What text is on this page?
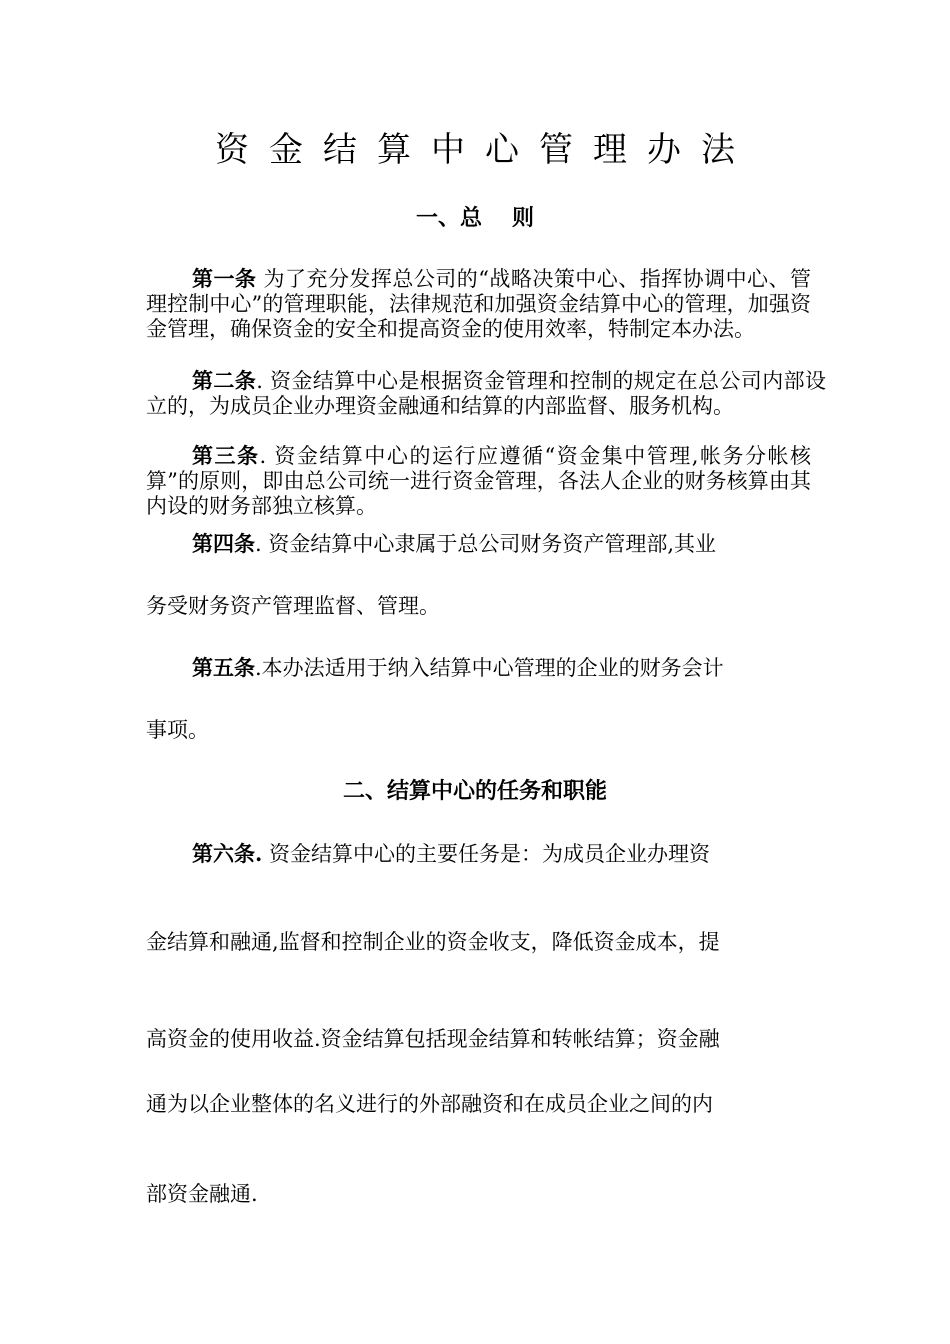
资金结算中心管理办法
一、总 则
第一条 为了充分发挥总公司的“战略决策中心、指挥协调中心、管理控制中心”的管理职能，法律规范和加强资金结算中心的管理，加强资金管理，确保资金的安全和提高资金的使用效率，特制定本办法。
第二条. 资金结算中心是根据资金管理和控制的规定在总公司内部设立的，为成员企业办理资金融通和结算的内部监督、服务机构。
第三条. 资金结算中心的运行应遵循“资金集中管理,帐务分帐核算”的原则，即由总公司统一进行资金管理，各法人企业的财务核算由其内设的财务部独立核算。
第四条. 资金结算中心隶属于总公司财务资产管理部,其业
务受财务资产管理监督、管理。
第五条.本办法适用于纳入结算中心管理的企业的财务会计
事项。
二、结算中心的任务和职能
第六条. 资金结算中心的主要任务是：为成员企业办理资
金结算和融通,监督和控制企业的资金收支，降低资金成本，提
高资金的使用收益.资金结算包括现金结算和转帐结算；资金融
通为以企业整体的名义进行的外部融资和在成员企业之间的内
部资金融通.
